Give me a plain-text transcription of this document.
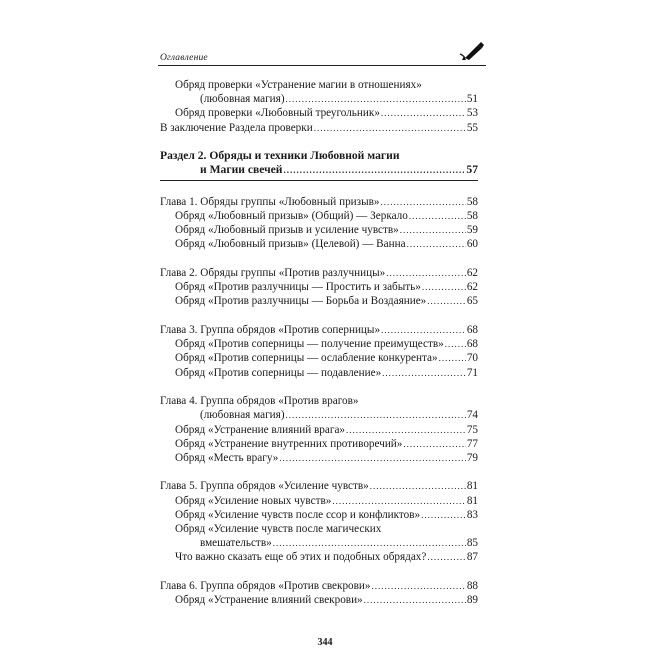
Оглавление
Обряд проверки «Устранение магии в отношениях»
(любовная магия) .....	51
Обряд проверки «Любовный треугольник» .....	53
В заключение Раздела проверки .....	55
Раздел 2. Обряды и техники Любовной магии
и Магии свечей .....	57
Глава 1. Обряды группы «Любовный призыв» .....	58
Обряд «Любовный призыв» (Общий) — Зеркало .....	58
Обряд «Любовный призыв и усиление чувств» .....	59
Обряд «Любовный призыв» (Целевой) — Ванна .....	60
Глава 2. Обряды группы «Против разлучницы» .....	62
Обряд «Против разлучницы — Простить и забыть» .....	62
Обряд «Против разлучницы — Борьба и Воздаяние» .....	65
Глава 3. Группа обрядов «Против соперницы» .....	68
Обряд «Против соперницы — получение преимуществ» ..... 68
Обряд «Против соперницы — ослабление конкурента» .....	70
Обряд «Против соперницы — подавление» .....	71
Глава 4. Группа обрядов «Против врагов»
(любовная магия) .....	74
Обряд «Устранение влияний врага» .....	75
Обряд «Устранение внутренних противоречий» .....	77
Обряд «Месть врагу» .....	79
Глава 5. Группа обрядов «Усиление чувств» .....	81
Обряд «Усиление новых чувств» .....	81
Обряд «Усиление чувств после ссор и конфликтов» .....	83
Обряд «Усиление чувств после магических
вмешательств» .....	85
Что важно сказать еще об этих и подобных обрядах? .....	87
Глава 6. Группа обрядов «Против свекрови» .....	88
Обряд «Устранение влияний свекрови» .....	89
344
